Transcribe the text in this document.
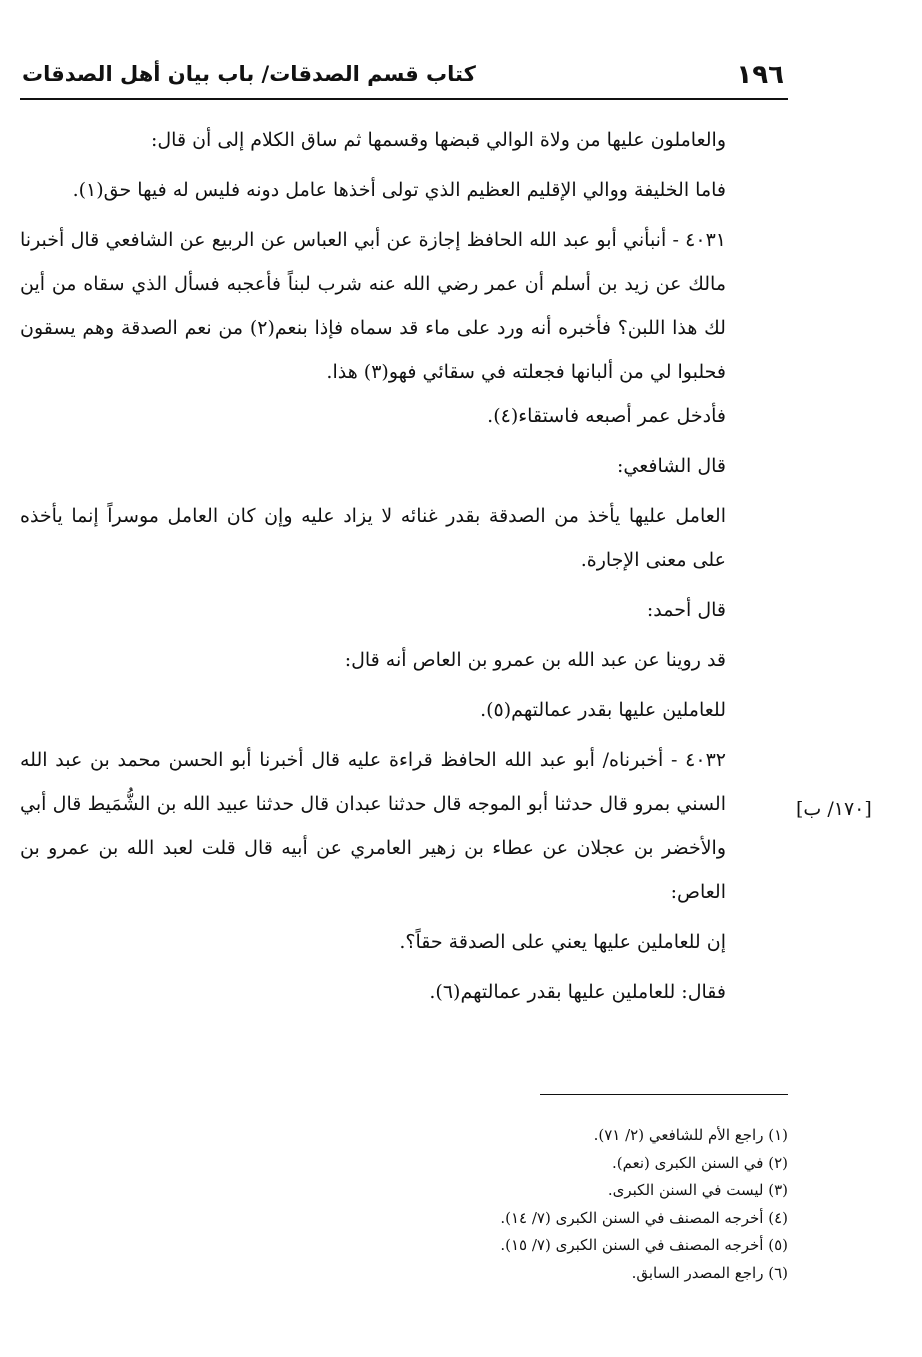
١٩٦
كتاب قسم الصدقات/ باب بيان أهل الصدقات

والعاملون عليها من ولاة الوالي قبضها وقسمها ثم ساق الكلام إلى أن قال:

فاما الخليفة ووالي الإقليم العظيم الذي تولى أخذها عامل دونه فليس له فيها حق(١).

٤٠٣١ - أنبأني أبو عبد الله الحافظ إجازة عن أبي العباس عن الربيع عن الشافعي قال أخبرنا مالك عن زيد بن أسلم أن عمر رضي الله عنه شرب لبناً فأعجبه فسأل الذي سقاه من أين لك هذا اللبن؟ فأخبره أنه ورد على ماء قد سماه فإذا بنعم(٢) من نعم الصدقة وهم يسقون فحلبوا لي من ألبانها فجعلته في سقائي فهو(٣) هذا.

فأدخل عمر أصبعه فاستقاء(٤).

قال الشافعي:

العامل عليها يأخذ من الصدقة بقدر غنائه لا يزاد عليه وإن كان العامل موسراً إنما يأخذه على معنى الإجارة.

قال أحمد:

قد روينا عن عبد الله بن عمرو بن العاص أنه قال:

للعاملين عليها بقدر عمالتهم(٥).

٤٠٣٢ - أخبرناه/ أبو عبد الله الحافظ قراءة عليه قال أخبرنا أبو الحسن محمد بن عبد الله السني بمرو قال حدثنا أبو الموجه قال حدثنا عبدان قال حدثنا عبيد الله بن الشُّمَيط قال أبي والأخضر بن عجلان عن عطاء بن زهير العامري عن أبيه قال قلت لعبد الله بن عمرو بن العاص:

إن للعاملين عليها يعني على الصدقة حقاً؟.

فقال: للعاملين عليها بقدر عمالتهم(٦).

[١٧٠/ ب]
(١) راجع الأم للشافعي (٢/ ٧١).
(٢) في السنن الكبرى (نعم).
(٣) ليست في السنن الكبرى.
(٤) أخرجه المصنف في السنن الكبرى (٧/ ١٤).
(٥) أخرجه المصنف في السنن الكبرى (٧/ ١٥).
(٦) راجع المصدر السابق.
